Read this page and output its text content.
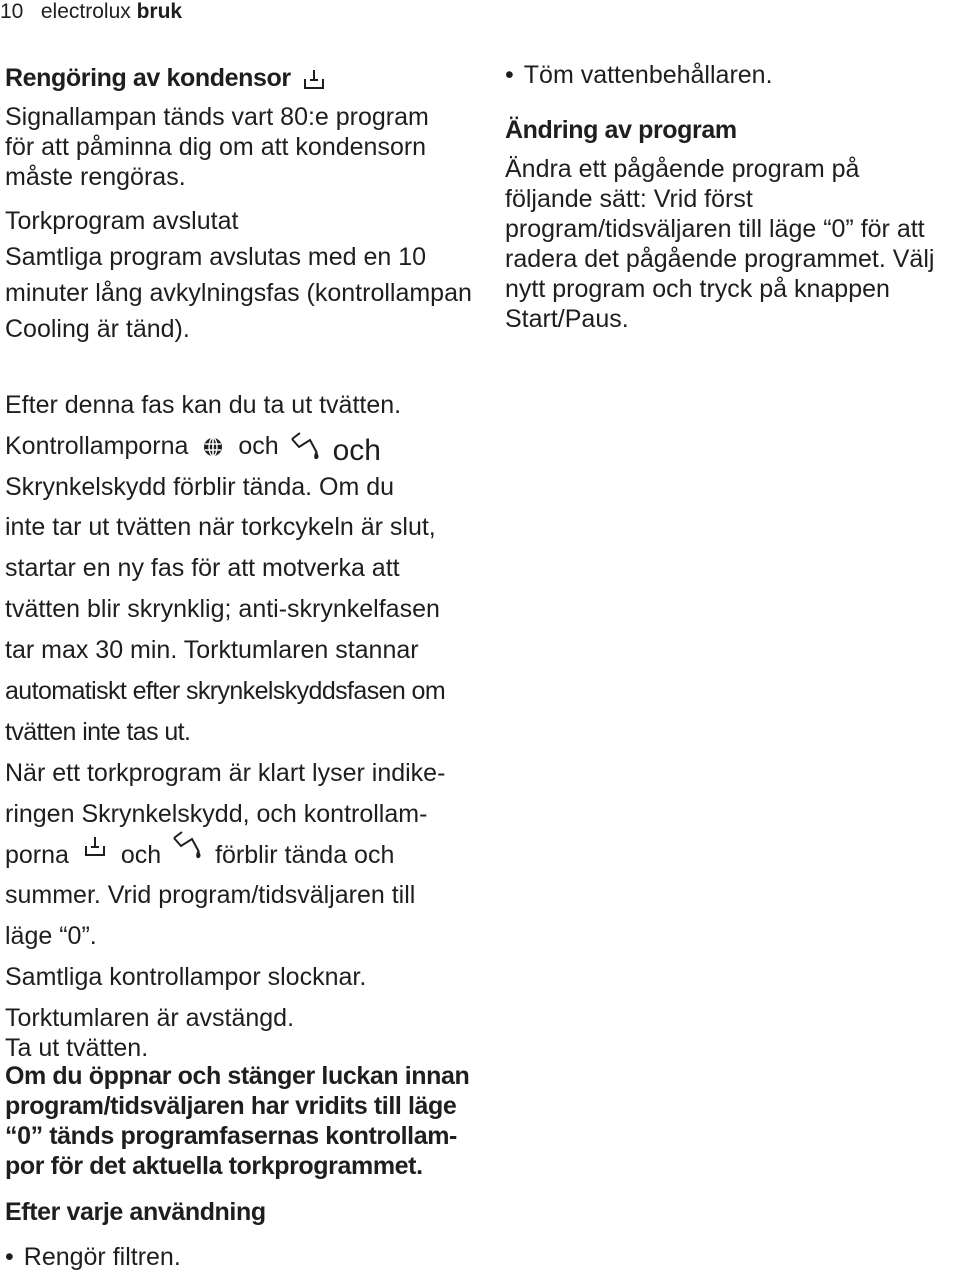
10 electrolux bruk
Rengöring av kondensor
Signallampan tänds vart 80:e program
för att påminna dig om att kondensorn
måste rengöras.
Torkprogram avslutat
Samtliga program avslutas med en 10
minuter lång avkylningsfas (kontrollampan
Cooling är tänd).
Efter denna fas kan du ta ut tvätten.
Kontrollamporna och och
Skrynkelskydd förblir tända. Om du
inte tar ut tvätten när torkcykeln är slut,
startar en ny fas för att motverka att
tvätten blir skrynklig; anti-skrynkelfasen
tar max 30 min. Torktumlaren stannar
automatiskt efter skrynkelskyddsfasen om
tvätten inte tas ut.
När ett torkprogram är klart lyser indike-
ringen Skrynkelskydd, och kontrollam-
porna och förblir tända och
summer. Vrid program/tidsväljaren till
läge “0”.
Samtliga kontrollampor slocknar.
Torktumlaren är avstängd.
Ta ut tvätten.
Om du öppnar och stänger luckan innan
program/tidsväljaren har vridits till läge
“0” tänds programfasernas kontrollam-
por för det aktuella torkprogrammet.
Efter varje användning
• Rengör filtren.
• Töm vattenbehållaren.
Ändring av program
Ändra ett pågående program på
följande sätt: Vrid först
program/tidsväljaren till läge “0” för att
radera det pågående programmet. Välj
nytt program och tryck på knappen
Start/Paus.
